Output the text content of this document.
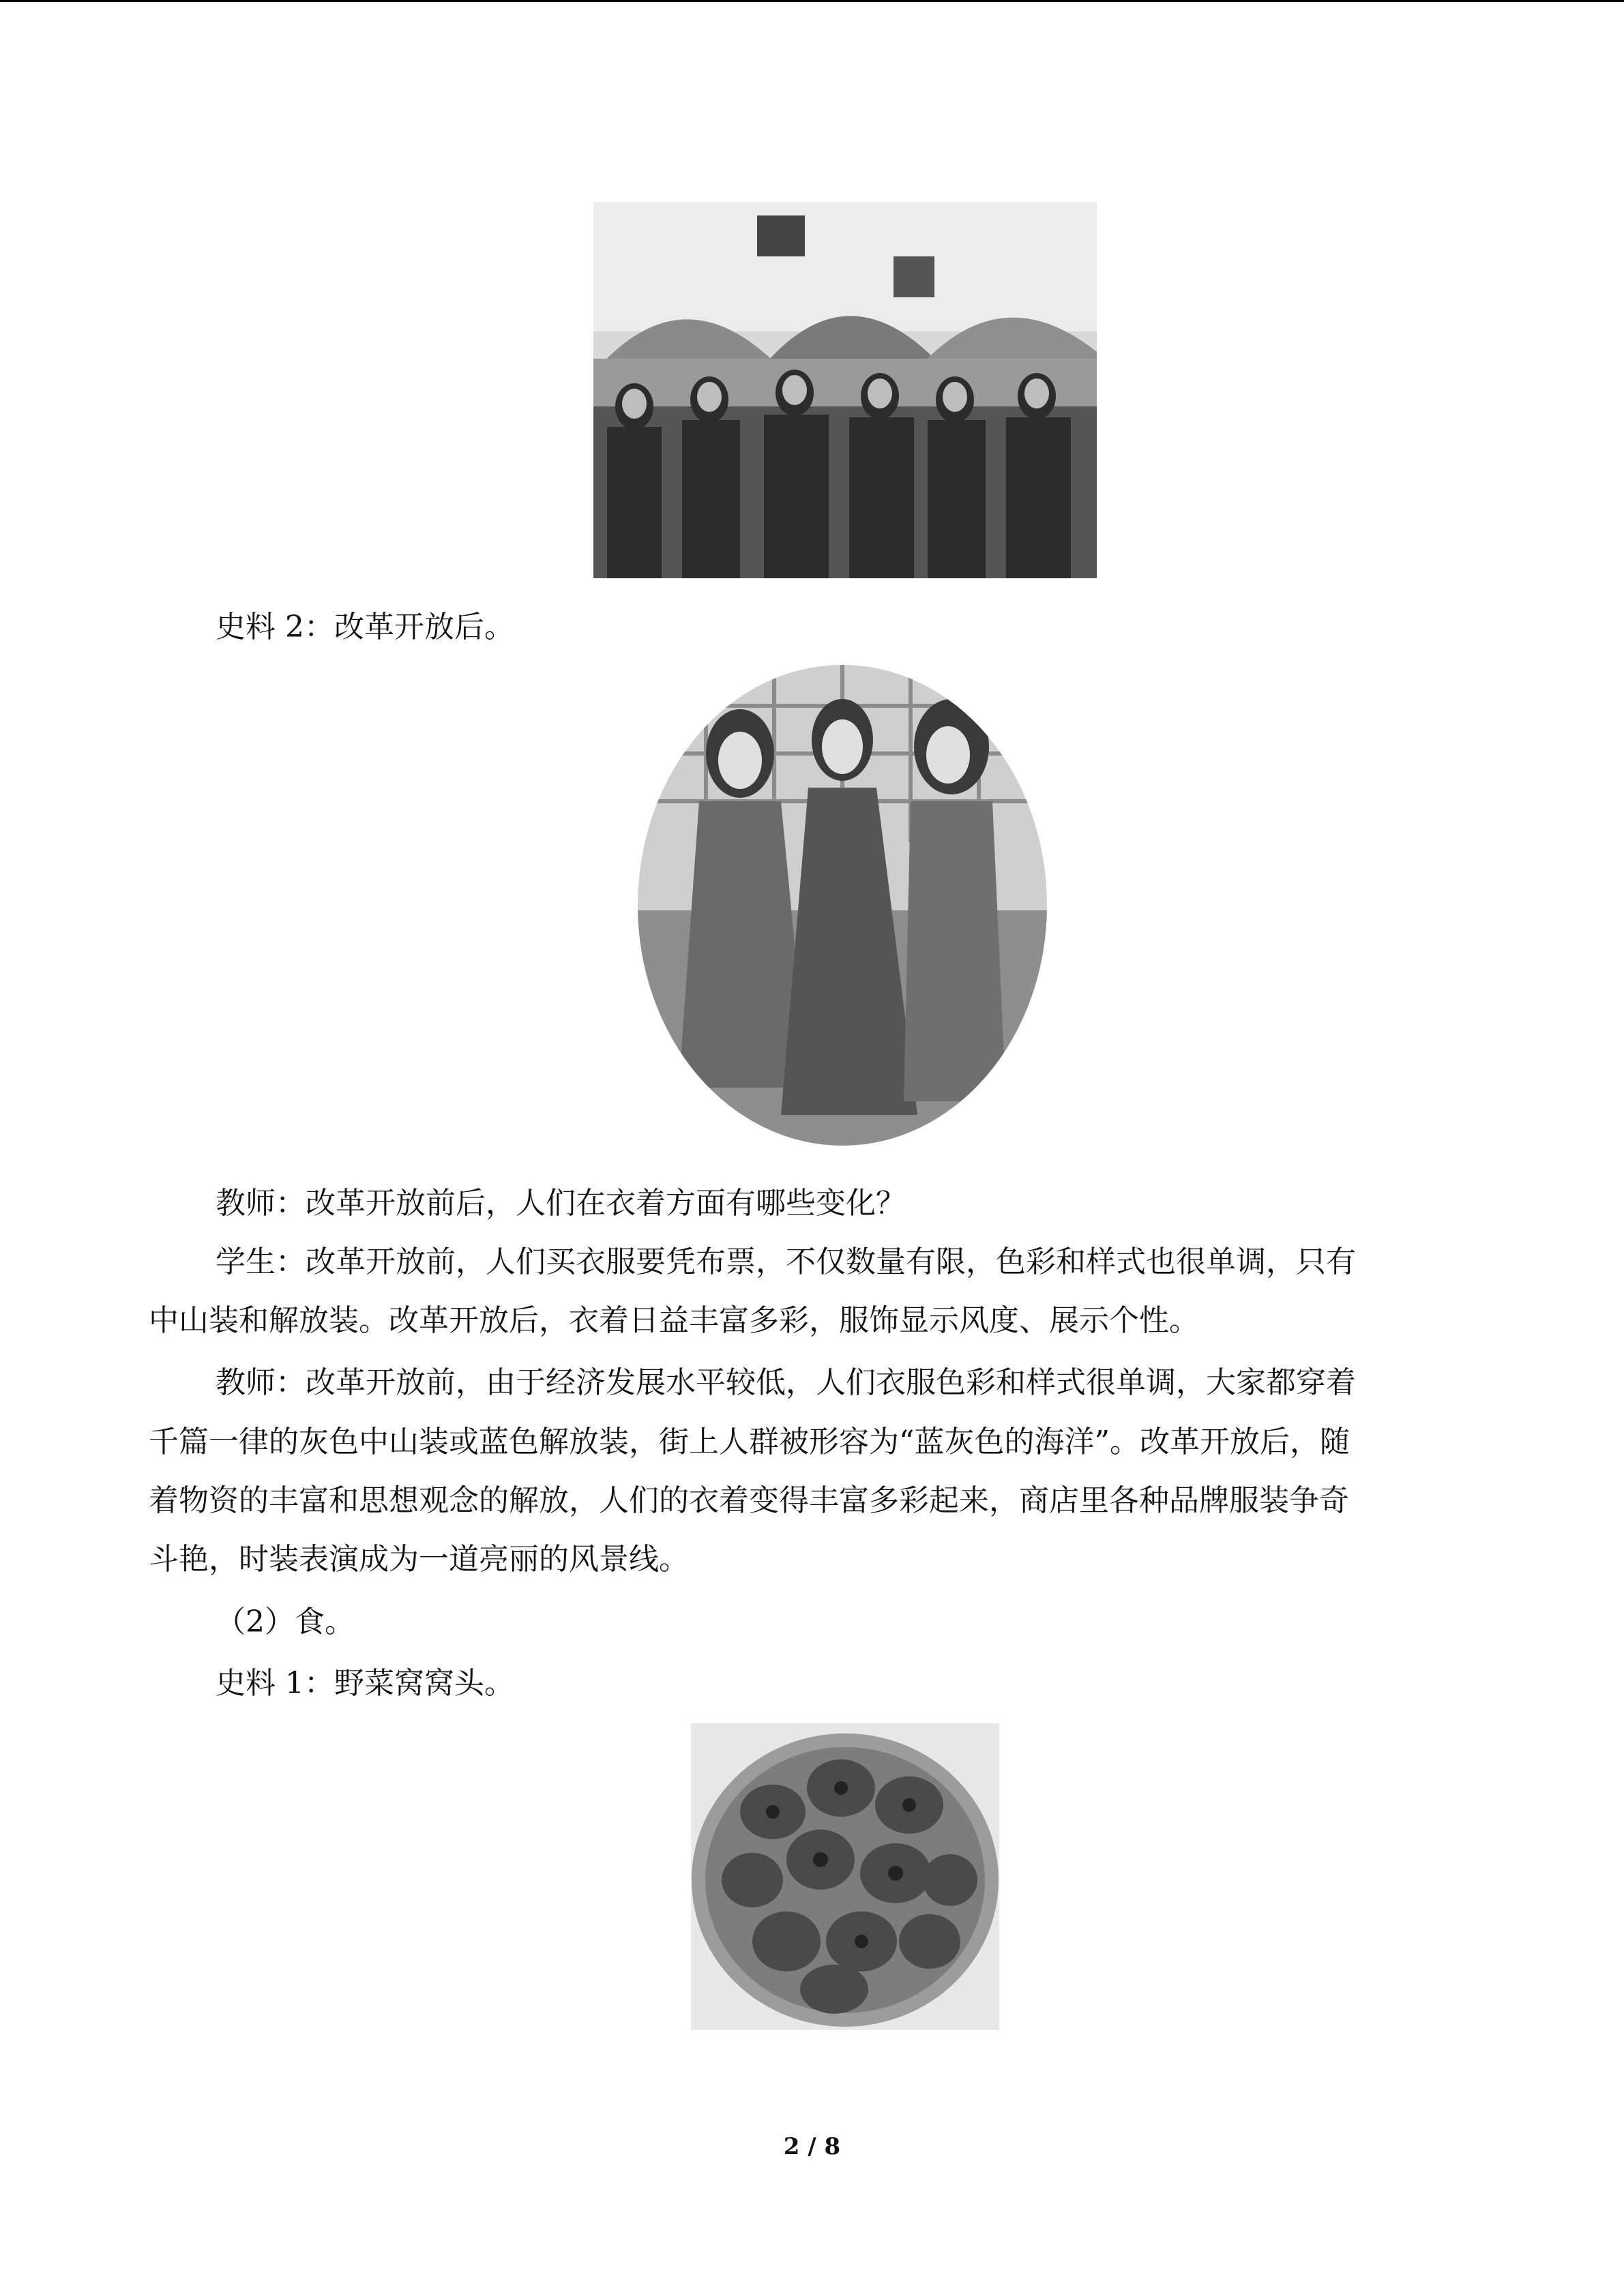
史料 2：改革开放后。
教师：改革开放前后，人们在衣着方面有哪些变化？
学生：改革开放前，人们买衣服要凭布票，不仅数量有限，色彩和样式也很单调，只有
中山装和解放装。改革开放后，衣着日益丰富多彩，服饰显示风度、展示个性。
教师：改革开放前，由于经济发展水平较低，人们衣服色彩和样式很单调，大家都穿着
千篇一律的灰色中山装或蓝色解放装，街上人群被形容为“蓝灰色的海洋”。改革开放后，随
着物资的丰富和思想观念的解放，人们的衣着变得丰富多彩起来，商店里各种品牌服装争奇
斗艳，时装表演成为一道亮丽的风景线。
（2）食。
史料 1：野菜窝窝头。
2 / 8
